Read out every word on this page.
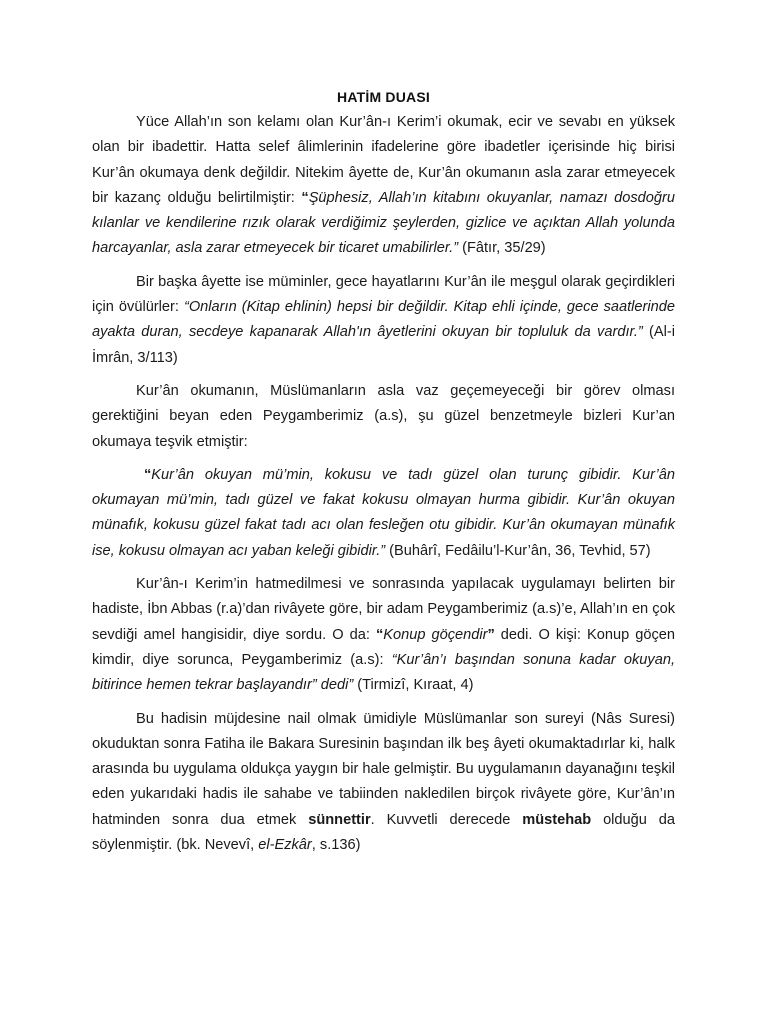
HATİM DUASI

Yüce Allah’ın son kelamı olan Kur’ân-ı Kerim’i okumak, ecir ve sevabı en yüksek olan bir ibadettir. Hatta selef âlimlerinin ifadelerine göre ibadetler içerisinde hiç birisi Kur’ân okumaya denk değildir. Nitekim âyette de, Kur’ân okumanın asla zarar etmeyecek bir kazanç olduğu belirtilmiştir: “Şüphesiz, Allah’ın kitabını okuyanlar, namazı dosdoğru kılanlar ve kendilerine rızık olarak verdiğimiz şeylerden, gizlice ve açıktan Allah yolunda harcayanlar, asla zarar etmeyecek bir ticaret umabilirler.” (Fâtır, 35/29)

Bir başka âyette ise müminler, gece hayatlarını Kur’ân ile meşgul olarak geçirdikleri için övülürler: “Onların (Kitap ehlinin) hepsi bir değildir. Kitap ehli içinde, gece saatlerinde ayakta duran, secdeye kapanarak Allah'ın âyetlerini okuyan bir topluluk da vardır.” (Al-i İmrân, 3/113)

Kur’ân okumanın, Müslümanların asla vaz geçemeyeceği bir görev olması gerektiğini beyan eden Peygamberimiz (a.s), şu güzel benzetmeyle bizleri Kur’an okumaya teşvik etmiştir:

“Kur’ân okuyan mü’min, kokusu ve tadı güzel olan turunç gibidir. Kur’ân okumayan mü’min, tadı güzel ve fakat kokusu olmayan hurma gibidir. Kur’ân okuyan münafık, kokusu güzel fakat tadı acı olan fesleğen otu gibidir. Kur’ân okumayan münafık ise, kokusu olmayan acı yaban keleği gibidir.” (Buhârî, Fedâilu’l-Kur’ân, 36, Tevhid, 57)

Kur’ân-ı Kerim’in hatmedilmesi ve sonrasında yapılacak uygulamayı belirten bir hadiste, İbn Abbas (r.a)’dan rivâyete göre, bir adam Peygamberimiz (a.s)’e, Allah’ın en çok sevdiği amel hangisidir, diye sordu. O da: “Konup göçendir” dedi. O kişi: Konup göçen kimdir, diye sorunca, Peygamberimiz (a.s): “Kur’ân’ı başından sonuna kadar okuyan, bitirince hemen tekrar başlayandır” dedi” (Tirmizî, Kıraat, 4)

Bu hadisin müjdesine nail olmak ümidiyle Müslümanlar son sureyi (Nâs Suresi) okuduktan sonra Fatiha ile Bakara Suresinin başından ilk beş âyeti okumaktadırlar ki, halk arasında bu uygulama oldukça yaygın bir hale gelmiştir. Bu uygulamanın dayanağını teşkil eden yukarıdaki hadis ile sahabe ve tabiinden nakledilen birçok rivâyete göre, Kur’ân’ın hatminden sonra dua etmek sünnettir. Kuvvetli derecede müstehab olduğu da söylenmiştir. (bk. Nevevî, el-Ezkâr, s.136)
